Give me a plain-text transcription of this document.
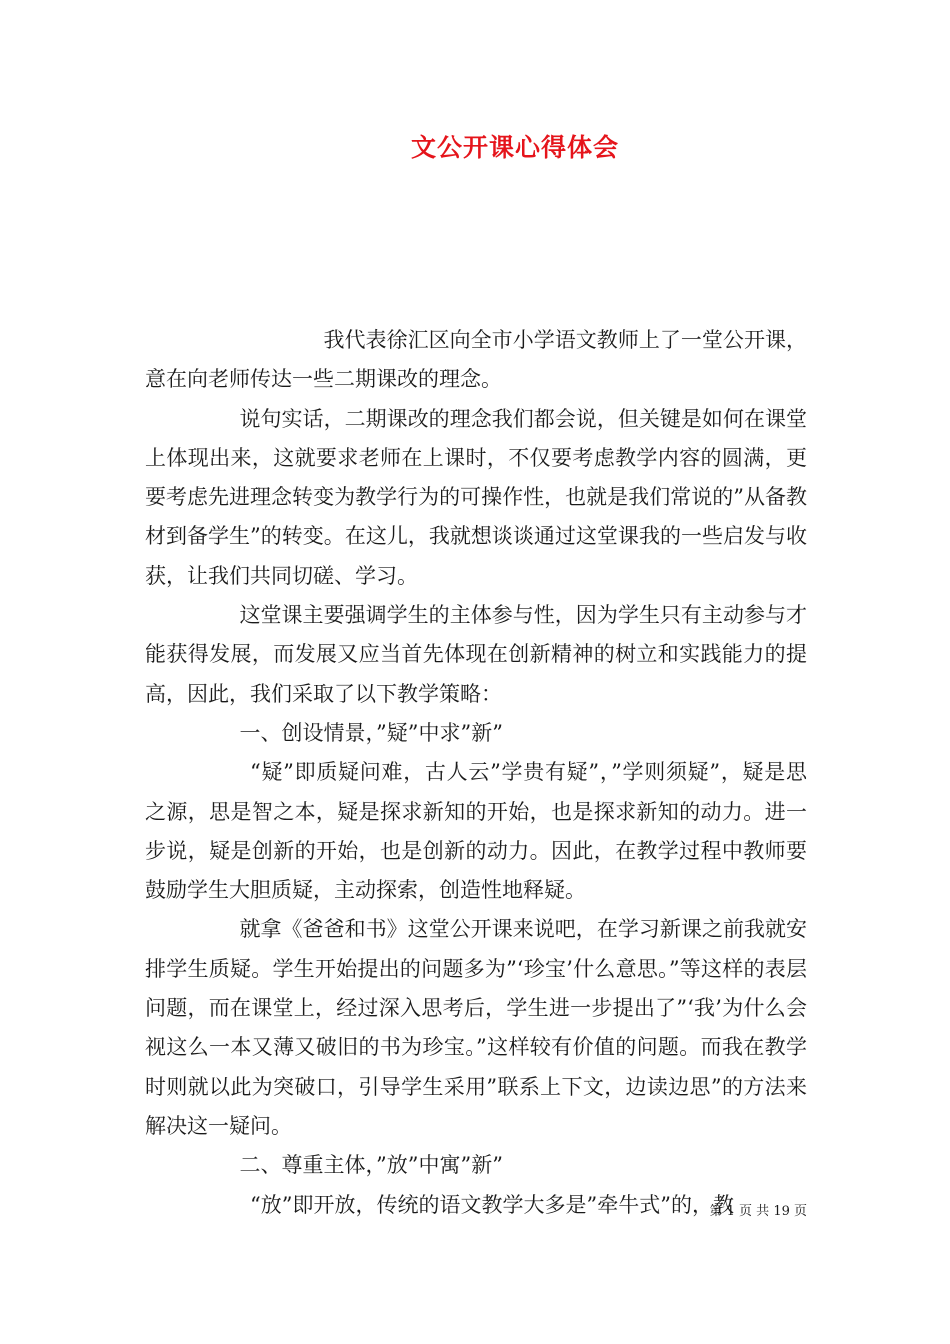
文公开课心得体会

我代表徐汇区向全市小学语文教师上了一堂公开课，意在向老师传达一些二期课改的理念。

说句实话，二期课改的理念我们都会说，但关键是如何在课堂上体现出来，这就要求老师在上课时，不仅要考虑教学内容的圆满，更要考虑先进理念转变为教学行为的可操作性，也就是我们常说的”从备教材到备学生”的转变。在这儿，我就想谈谈通过这堂课我的一些启发与收获，让我们共同切磋、学习。

这堂课主要强调学生的主体参与性，因为学生只有主动参与才能获得发展，而发展又应当首先体现在创新精神的树立和实践能力的提高，因此，我们采取了以下教学策略：

一、创设情景，”疑”中求”新”

“疑”即质疑问难，古人云”学贵有疑”，”学则须疑”，疑是思之源，思是智之本，疑是探求新知的开始，也是探求新知的动力。进一步说，疑是创新的开始，也是创新的动力。因此，在教学过程中教师要鼓励学生大胆质疑，主动探索，创造性地释疑。

就拿《爸爸和书》这堂公开课来说吧，在学习新课之前我就安排学生质疑。学生开始提出的问题多为”‘珍宝’什么意思。”等这样的表层问题，而在课堂上，经过深入思考后，学生进一步提出了”‘我’为什么会视这么一本又薄又破旧的书为珍宝。”这样较有价值的问题。而我在教学时则就以此为突破口，引导学生采用”联系上下文，边读边思”的方法来解决这一疑问。

二、尊重主体，”放”中寓”新”

“放”即开放，传统的语文教学大多是”牵牛式”的，教

第 1 页 共 19 页
